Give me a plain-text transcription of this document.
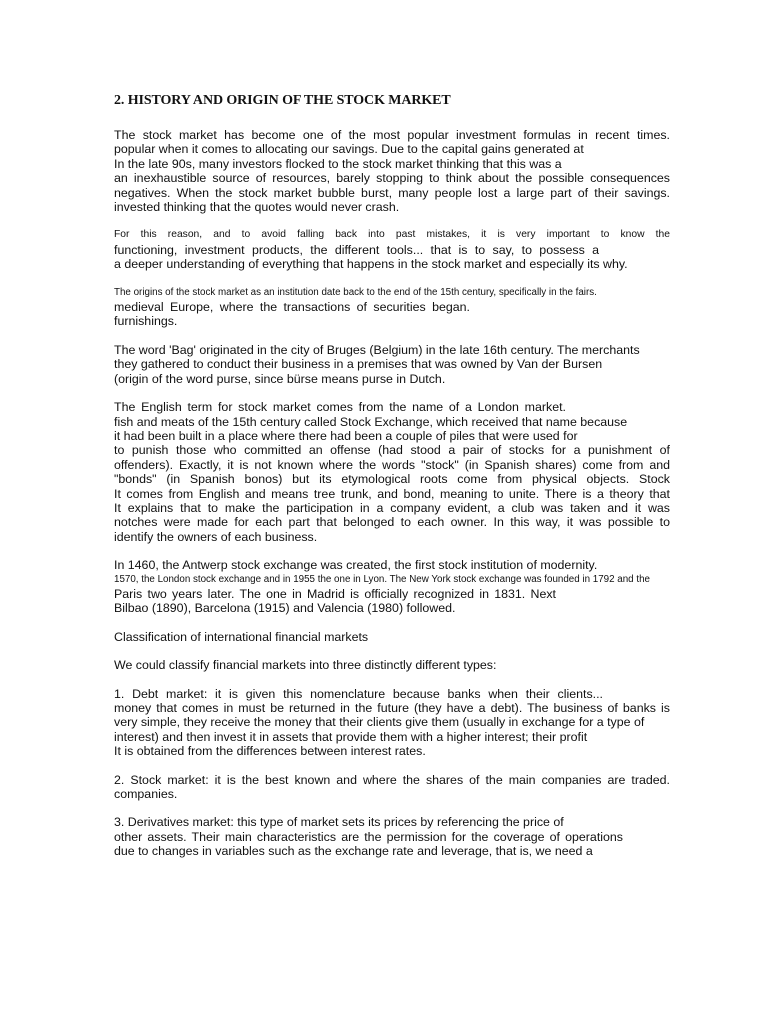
2. HISTORY AND ORIGIN OF THE STOCK MARKET
The stock market has become one of the most popular investment formulas in recent times.
popular when it comes to allocating our savings. Due to the capital gains generated at
In the late 90s, many investors flocked to the stock market thinking that this was a
an inexhaustible source of resources, barely stopping to think about the possible consequences
negatives. When the stock market bubble burst, many people lost a large part of their savings.
invested thinking that the quotes would never crash.
For this reason, and to avoid falling back into past mistakes, it is very important to know the
functioning, investment products, the different tools... that is to say, to possess a
a deeper understanding of everything that happens in the stock market and especially its why.
The origins of the stock market as an institution date back to the end of the 15th century, specifically in the fairs.
medieval Europe, where the transactions of securities began.
furnishings.
The word 'Bag' originated in the city of Bruges (Belgium) in the late 16th century. The merchants
they gathered to conduct their business in a premises that was owned by Van der Bursen
(origin of the word purse, since bürse means purse in Dutch.
The English term for stock market comes from the name of a London market.
fish and meats of the 15th century called Stock Exchange, which received that name because
it had been built in a place where there had been a couple of piles that were used for
to punish those who committed an offense (had stood a pair of stocks for a punishment of
offenders). Exactly, it is not known where the words "stock" (in Spanish shares) come from and
"bonds" (in Spanish bonos) but its etymological roots come from physical objects. Stock
It comes from English and means tree trunk, and bond, meaning to unite. There is a theory that
It explains that to make the participation in a company evident, a club was taken and it was
notches were made for each part that belonged to each owner. In this way, it was possible to
identify the owners of each business.
In 1460, the Antwerp stock exchange was created, the first stock institution of modernity.
1570, the London stock exchange and in 1955 the one in Lyon. The New York stock exchange was founded in 1792 and the
Paris two years later. The one in Madrid is officially recognized in 1831. Next
Bilbao (1890), Barcelona (1915) and Valencia (1980) followed.
Classification of international financial markets
We could classify financial markets into three distinctly different types:
1. Debt market: it is given this nomenclature because banks when their clients...
money that comes in must be returned in the future (they have a debt). The business of banks is
very simple, they receive the money that their clients give them (usually in exchange for a type of
interest) and then invest it in assets that provide them with a higher interest; their profit
It is obtained from the differences between interest rates.
2. Stock market: it is the best known and where the shares of the main companies are traded.
companies.
3. Derivatives market: this type of market sets its prices by referencing the price of
other assets. Their main characteristics are the permission for the coverage of operations
due to changes in variables such as the exchange rate and leverage, that is, we need a
